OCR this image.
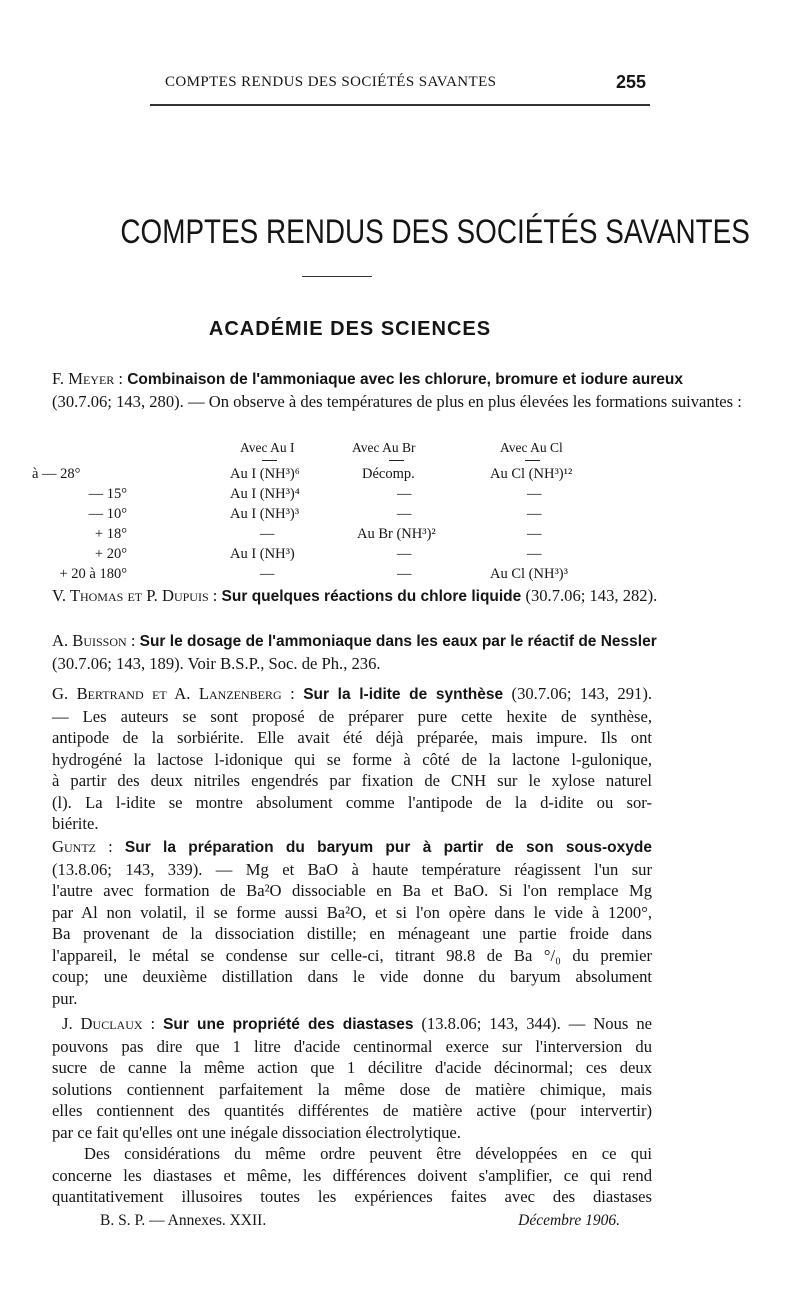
COMPTES RENDUS DES SOCIÉTÉS SAVANTES	255
COMPTES RENDUS DES SOCIÉTÉS SAVANTES
ACADÉMIE DES SCIENCES
F. Meyer : Combinaison de l'ammoniaque avec les chlorure, bromure et iodure aureux
(30.7.06; 143, 280). — On observe à des températures de plus en plus élevées les formations suivantes :
Avec Au I	Avec Au Br	Avec Au Cl
à — 28°	Au I (NH³)⁶	Décomp.	Au Cl (NH³)¹²
— 15°	Au I (NH³)⁴	—	—
— 10°	Au I (NH³)³	—	—
+ 18°	—	Au Br (NH³)²	—
+ 20°	Au I (NH³)	—	—
+ 20 à 180°	—	—	Au Cl (NH³)³
V. Thomas et P. Dupuis : Sur quelques réactions du chlore liquide (30.7.06; 143, 282).
A. Buisson : Sur le dosage de l'ammoniaque dans les eaux par le réactif de Nessler
(30.7.06; 143, 189). Voir B.S.P., Soc. de Ph., 236.
G. Bertrand et A. Lanzenberg : Sur la l-idite de synthèse (30.7.06; 143, 291).
— Les auteurs se sont proposé de préparer pure cette hexite de synthèse,
antipode de la sorbiérite. Elle avait été déjà préparée, mais impure. Ils ont
hydrogéné la lactose l-idonique qui se forme à côté de la lactone l-gulonique,
à partir des deux nitriles engendrés par fixation de CNH sur le xylose naturel
(l). La l-idite se montre absolument comme l'antipode de la d-idite ou sor-
biérite.
Guntz : Sur la préparation du baryum pur à partir de son sous-oxyde
(13.8.06; 143, 339). — Mg et BaO à haute température réagissent l'un sur
l'autre avec formation de Ba²O dissociable en Ba et BaO. Si l'on remplace Mg
par Al non volatil, il se forme aussi Ba²O, et si l'on opère dans le vide à 1200°,
Ba provenant de la dissociation distille; en ménageant une partie froide dans
l'appareil, le métal se condense sur celle-ci, titrant 98.8 de Ba °/₀ du premier
coup; une deuxième distillation dans le vide donne du baryum absolument
pur.
J. Duclaux : Sur une propriété des diastases (13.8.06; 143, 344). — Nous ne
pouvons pas dire que 1 litre d'acide centinormal exerce sur l'interversion du
sucre de canne la même action que 1 décilitre d'acide décinormal; ces deux
solutions contiennent parfaitement la même dose de matière chimique, mais
elles contiennent des quantités différentes de matière active (pour intervertir)
par ce fait qu'elles ont une inégale dissociation électrolytique.
Des considérations du même ordre peuvent être développées en ce qui
concerne les diastases et même, les différences doivent s'amplifier, ce qui rend
quantitativement illusoires toutes les expériences faites avec des diastases
B. S. P. — Annexes. XXII.	Décembre 1906.
